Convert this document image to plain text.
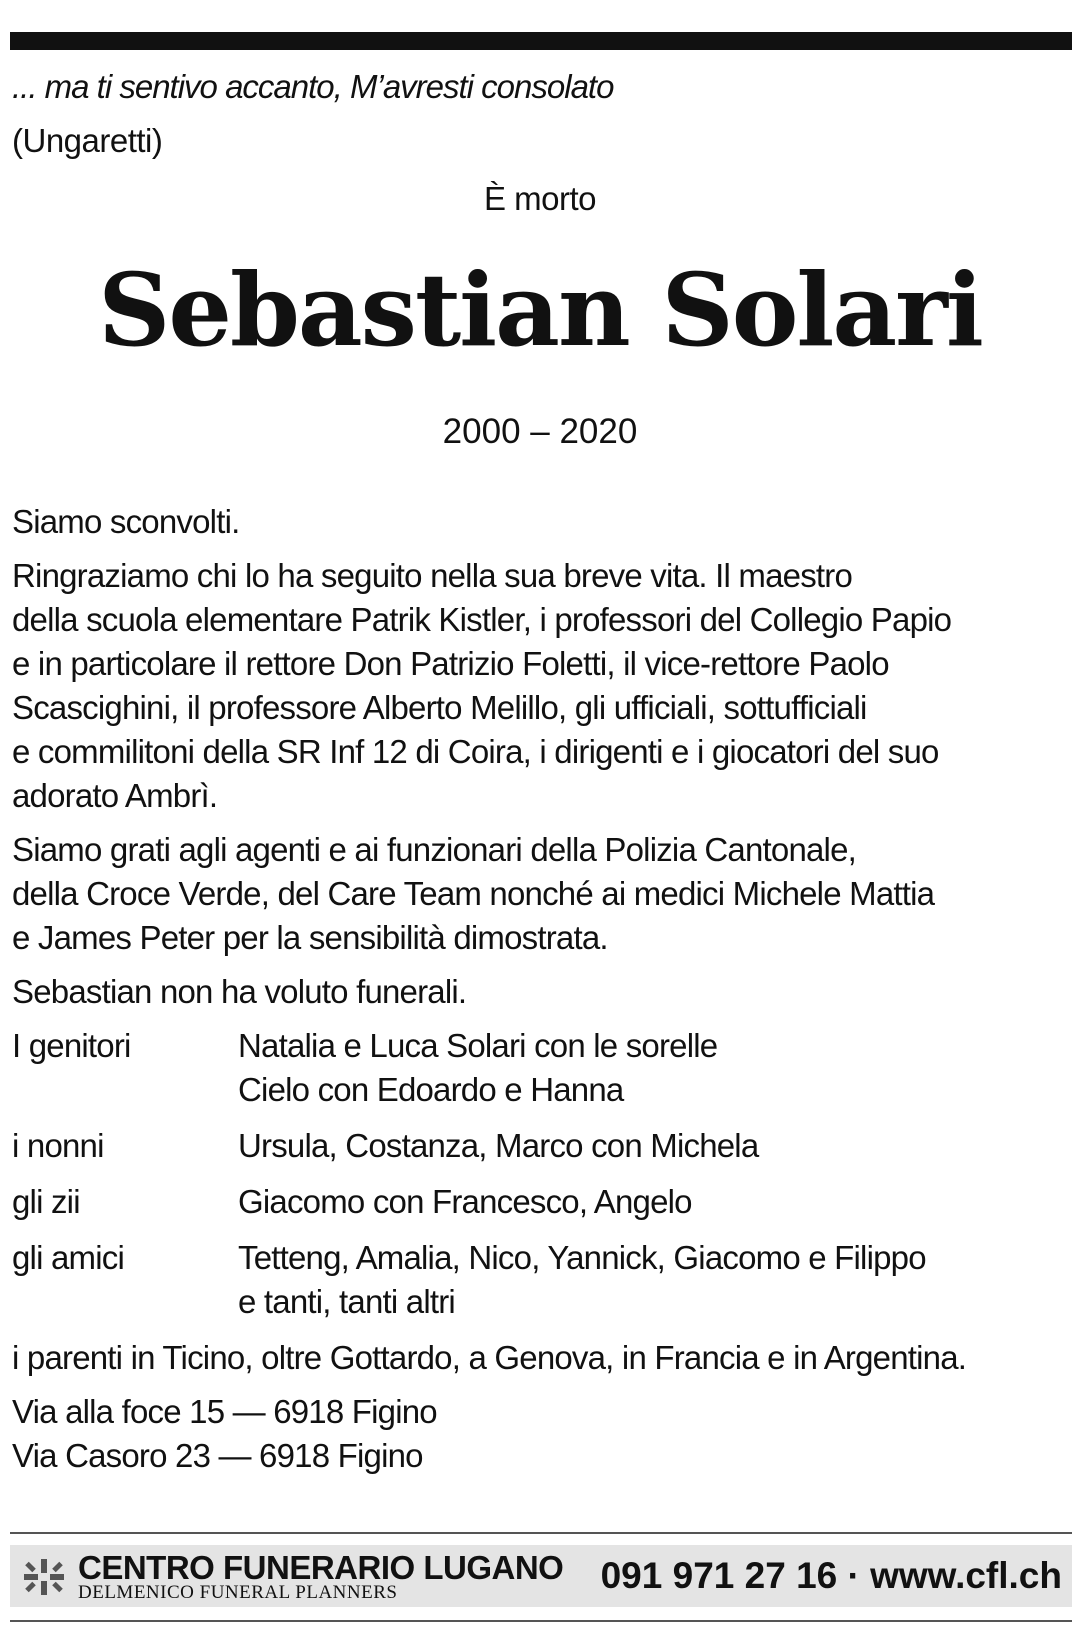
... ma ti sentivo accanto, M’avresti consolato
(Ungaretti)
È morto
Sebastian Solari
2000 – 2020

Siamo sconvolti.

Ringraziamo chi lo ha seguito nella sua breve vita. Il maestro
della scuola elementare Patrik Kistler, i professori del Collegio Papio
e in particolare il rettore Don Patrizio Foletti, il vice-rettore Paolo
Scascighini, il professore Alberto Melillo, gli ufficiali, sottufficiali
e commilitoni della SR Inf 12 di Coira, i dirigenti e i giocatori del suo
adorato Ambrì.

Siamo grati agli agenti e ai funzionari della Polizia Cantonale,
della Croce Verde, del Care Team nonché ai medici Michele Mattia
e James Peter per la sensibilità dimostrata.

Sebastian non ha voluto funerali.

I genitori	Natalia e Luca Solari con le sorelle
Cielo con Edoardo e Hanna
i nonni	Ursula, Costanza, Marco con Michela
gli zii	Giacomo con Francesco, Angelo
gli amici	Tetteng, Amalia, Nico, Yannick, Giacomo e Filippo
e tanti, tanti altri

i parenti in Ticino, oltre Gottardo, a Genova, in Francia e in Argentina.

Via alla foce 15 — 6918 Figino
Via Casoro 23 — 6918 Figino

CENTRO FUNERARIO LUGANO
DELMENICO FUNERAL PLANNERS	091 971 27 16 · www.cfl.ch
